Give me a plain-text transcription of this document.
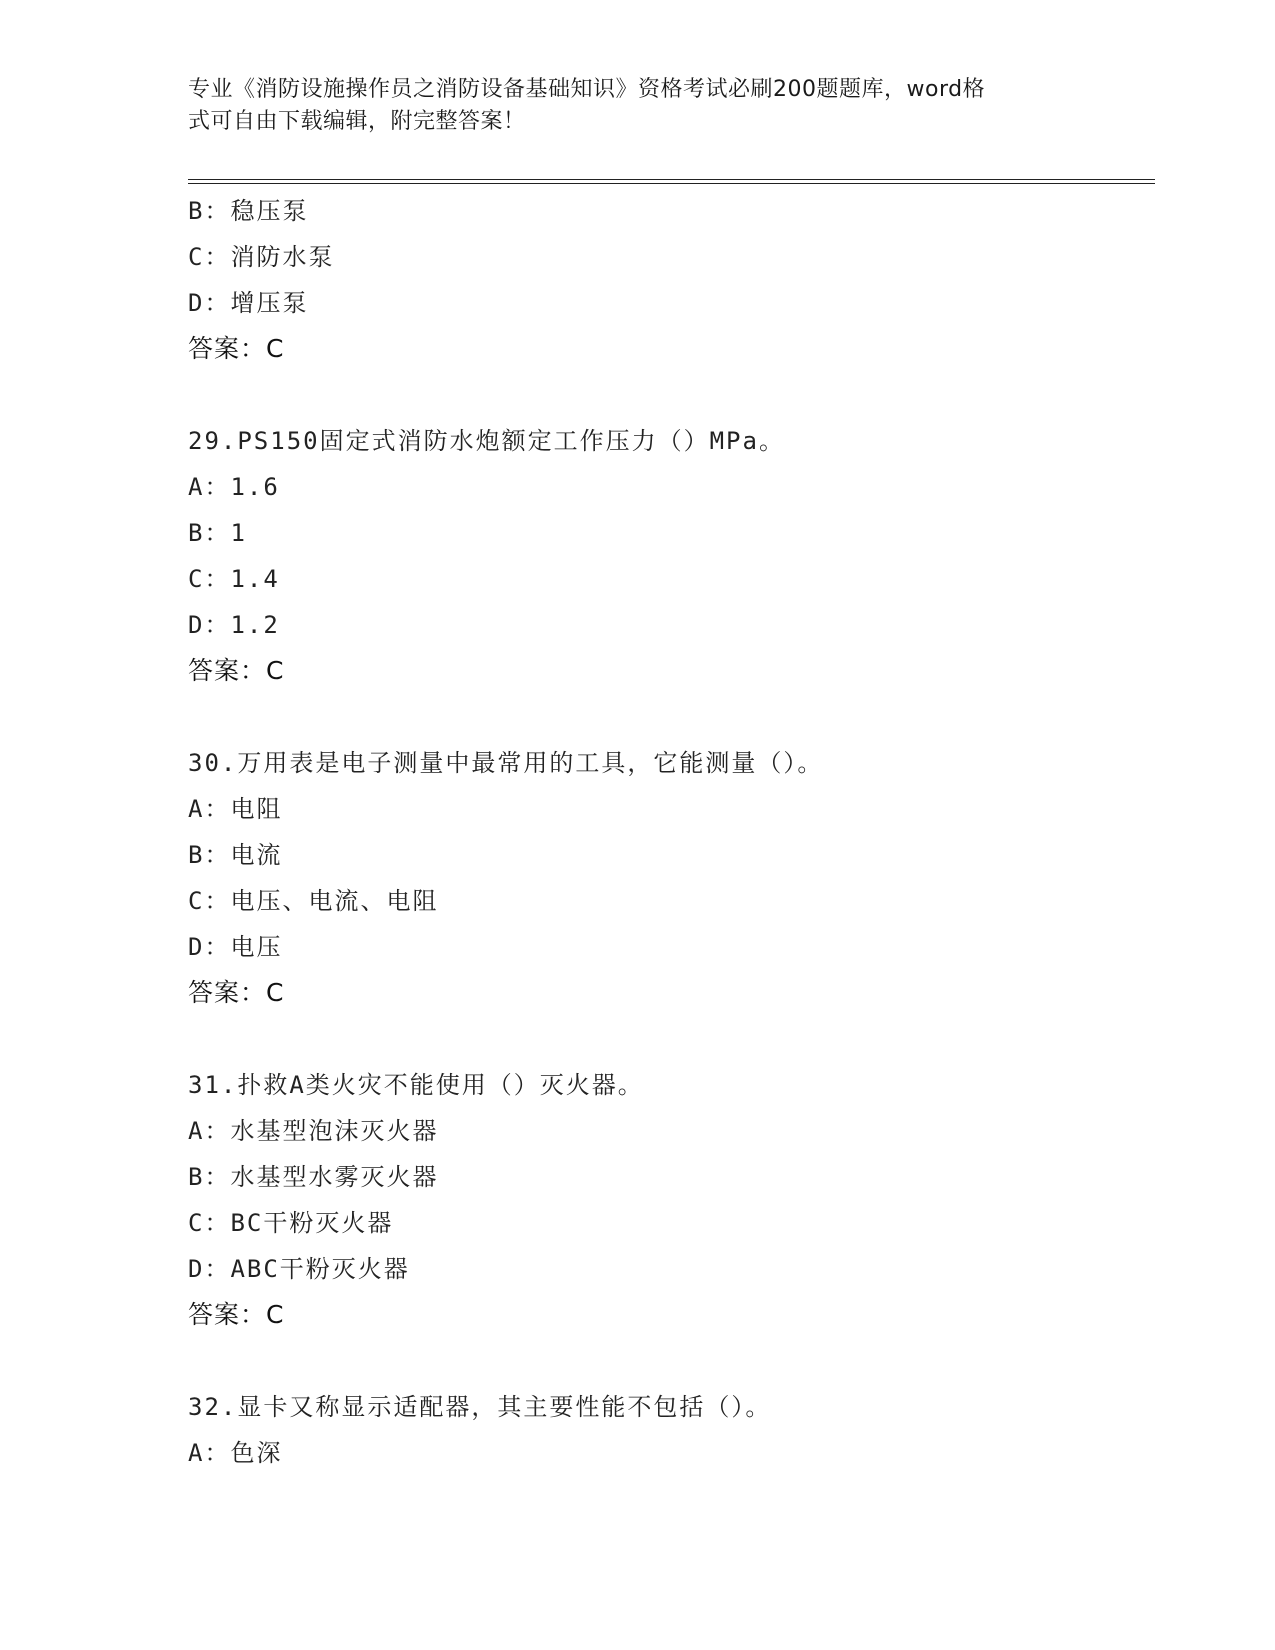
专业《消防设施操作员之消防设备基础知识》资格考试必刷200题题库，word格
式可自由下载编辑，附完整答案！
B：稳压泵
C：消防水泵
D：增压泵
答案：C
29.PS150固定式消防水炮额定工作压力（）MPa。
A：1.6
B：1
C：1.4
D：1.2
答案：C
30.万用表是电子测量中最常用的工具，它能测量（）。
A：电阻
B：电流
C：电压、电流、电阻
D：电压
答案：C
31.扑救A类火灾不能使用（）灭火器。
A：水基型泡沫灭火器
B：水基型水雾灭火器
C：BC干粉灭火器
D：ABC干粉灭火器
答案：C
32.显卡又称显示适配器，其主要性能不包括（）。
A：色深
